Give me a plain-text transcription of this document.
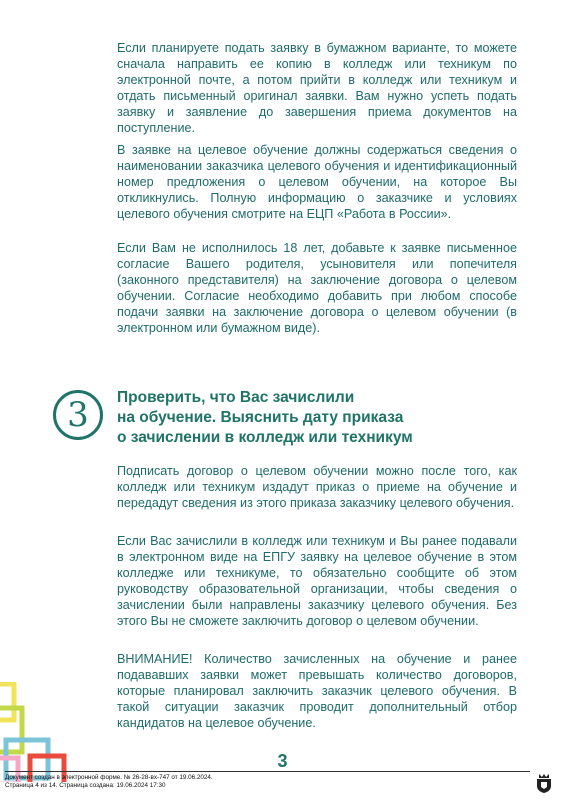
Если планируете подать заявку в бумажном варианте, то можете сначала направить ее копию в колледж или техникум по электронной почте, а потом прийти в колледж или техникум и отдать письменный оригинал заявки. Вам нужно успеть подать заявку и заявление до завершения приема документов на поступление.

В заявке на целевое обучение должны содержаться сведения о наименовании заказчика целевого обучения и идентификационный номер предложения о целевом обучении, на которое Вы откликнулись. Полную информацию о заказчике и условиях целевого обучения смотрите на ЕЦП «Работа в России».

Если Вам не исполнилось 18 лет, добавьте к заявке письменное согласие Вашего родителя, усыновителя или попечителя (законного представителя) на заключение договора о целевом обучении. Согласие необходимо добавить при любом способе подачи заявки на заключение договора о целевом обучении (в электронном или бумажном виде).

3 Проверить, что Вас зачислили
на обучение. Выяснить дату приказа
о зачислении в колледж или техникум

Подписать договор о целевом обучении можно после того, как колледж или техникум издадут приказ о приеме на обучение и передадут сведения из этого приказа заказчику целевого обучения.

Если Вас зачислили в колледж или техникум и Вы ранее подавали в электронном виде на ЕПГУ заявку на целевое обучение в этом колледже или техникуме, то обязательно сообщите об этом руководству образовательной организации, чтобы сведения о зачислении были направлены заказчику целевого обучения. Без этого Вы не сможете заключить договор о целевом обучении.

ВНИМАНИЕ! Количество зачисленных на обучение и ранее подававших заявки может превышать количество договоров, которые планировал заключить заказчик целевого обучения. В такой ситуации заказчик проводит дополнительный отбор кандидатов на целевое обучение.

3
Документ создан в электронной форме. № 26-28-вх-747 от 19.06.2024.
Страница 4 из 14. Страница создана: 19.06.2024 17:30
